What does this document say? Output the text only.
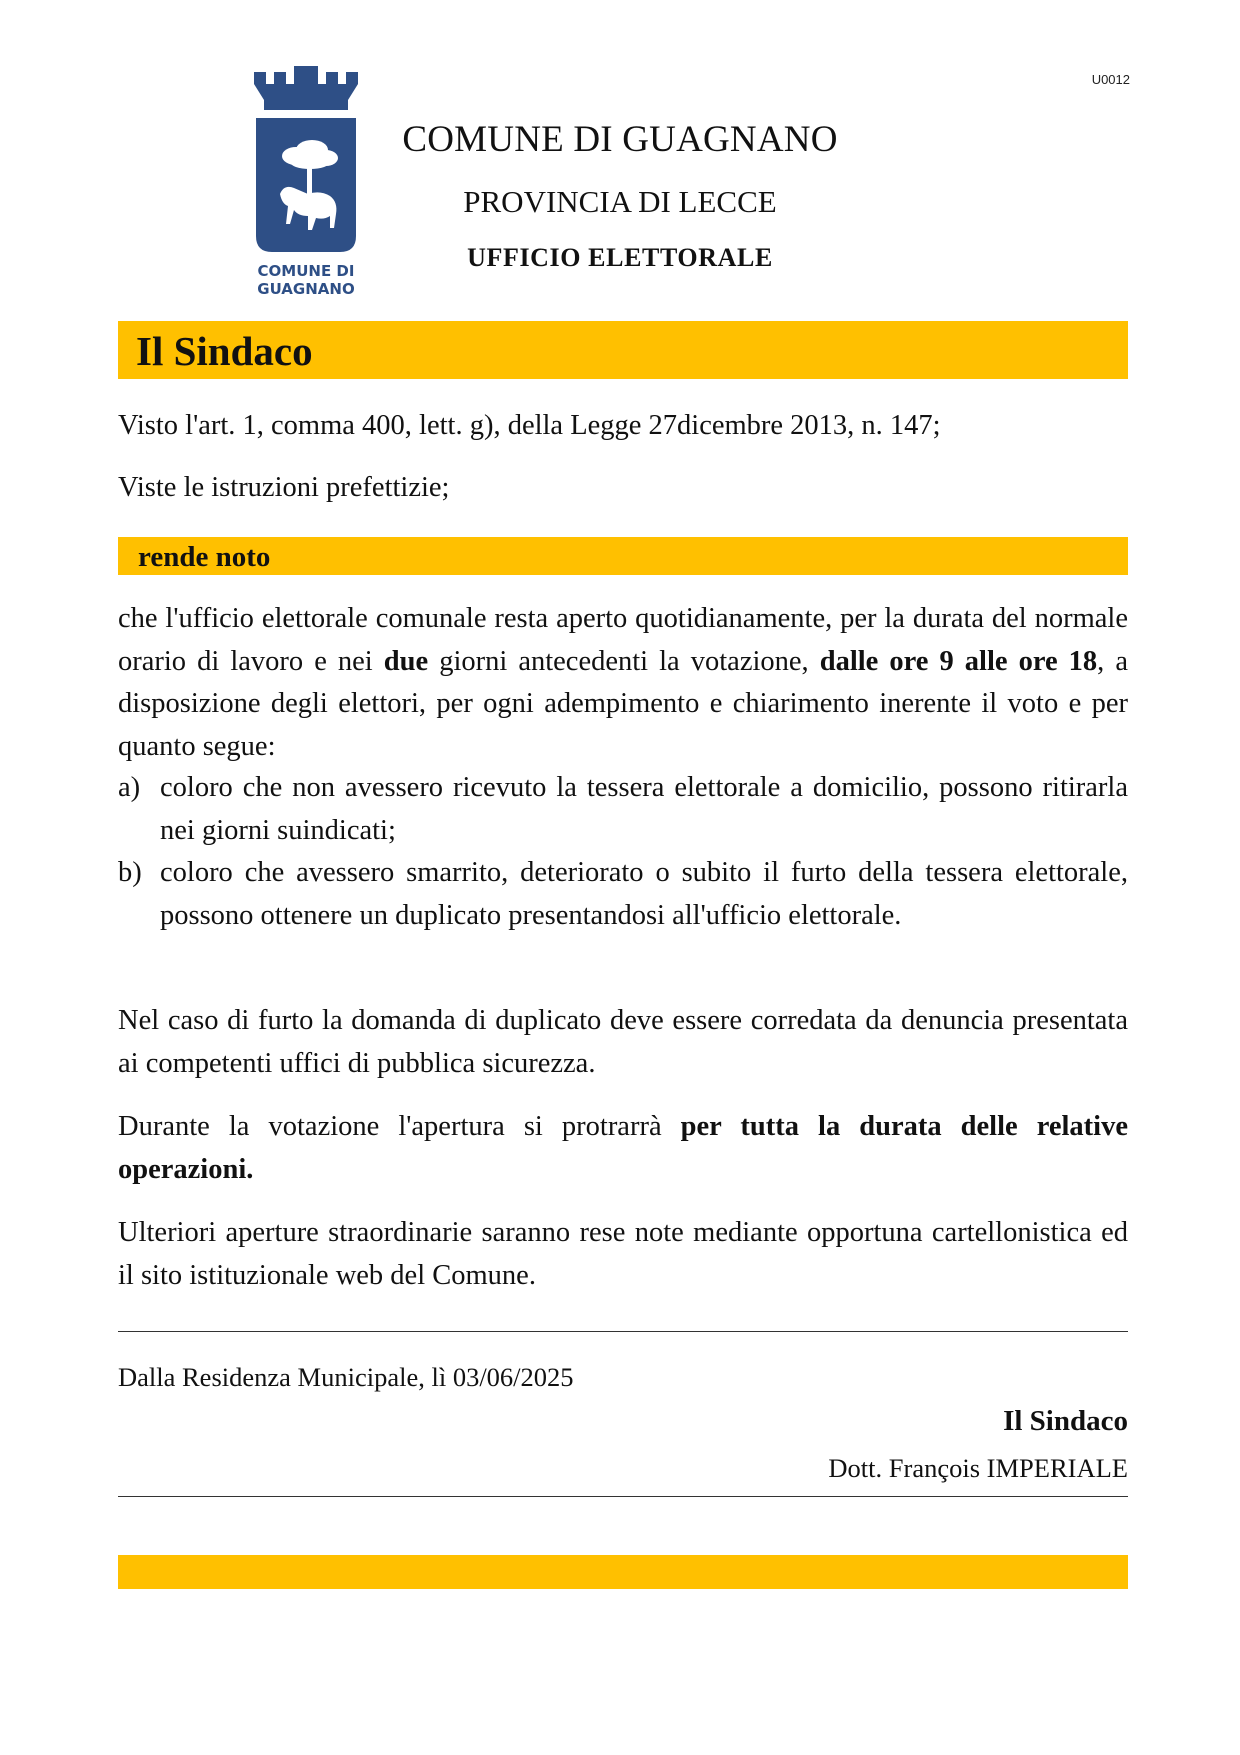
U0012
COMUNE DI
GUAGNANO
COMUNE DI GUAGNANO
PROVINCIA DI LECCE
UFFICIO ELETTORALE
Il Sindaco
Visto l'art. 1, comma 400, lett. g), della Legge 27dicembre 2013, n. 147;
Viste le istruzioni prefettizie;
rende noto
che l'ufficio elettorale comunale resta aperto quotidianamente, per la durata del normale orario di lavoro e nei due giorni antecedenti la votazione, dalle ore 9 alle ore 18, a disposizione degli elettori, per ogni adempimento e chiarimento inerente il voto e per quanto segue:
a) coloro che non avessero ricevuto la tessera elettorale a domicilio, possono ritirarla nei giorni suindicati;
b) coloro che avessero smarrito, deteriorato o subito il furto della tessera elettorale, possono ottenere un duplicato presentandosi all'ufficio elettorale.
Nel caso di furto la domanda di duplicato deve essere corredata da denuncia presentata ai competenti uffici di pubblica sicurezza.
Durante la votazione l'apertura si protrarrà per tutta la durata delle relative operazioni.
Ulteriori aperture straordinarie saranno rese note mediante opportuna cartellonistica ed il sito istituzionale web del Comune.
Dalla Residenza Municipale, lì 03/06/2025
Il Sindaco
Dott. François IMPERIALE
